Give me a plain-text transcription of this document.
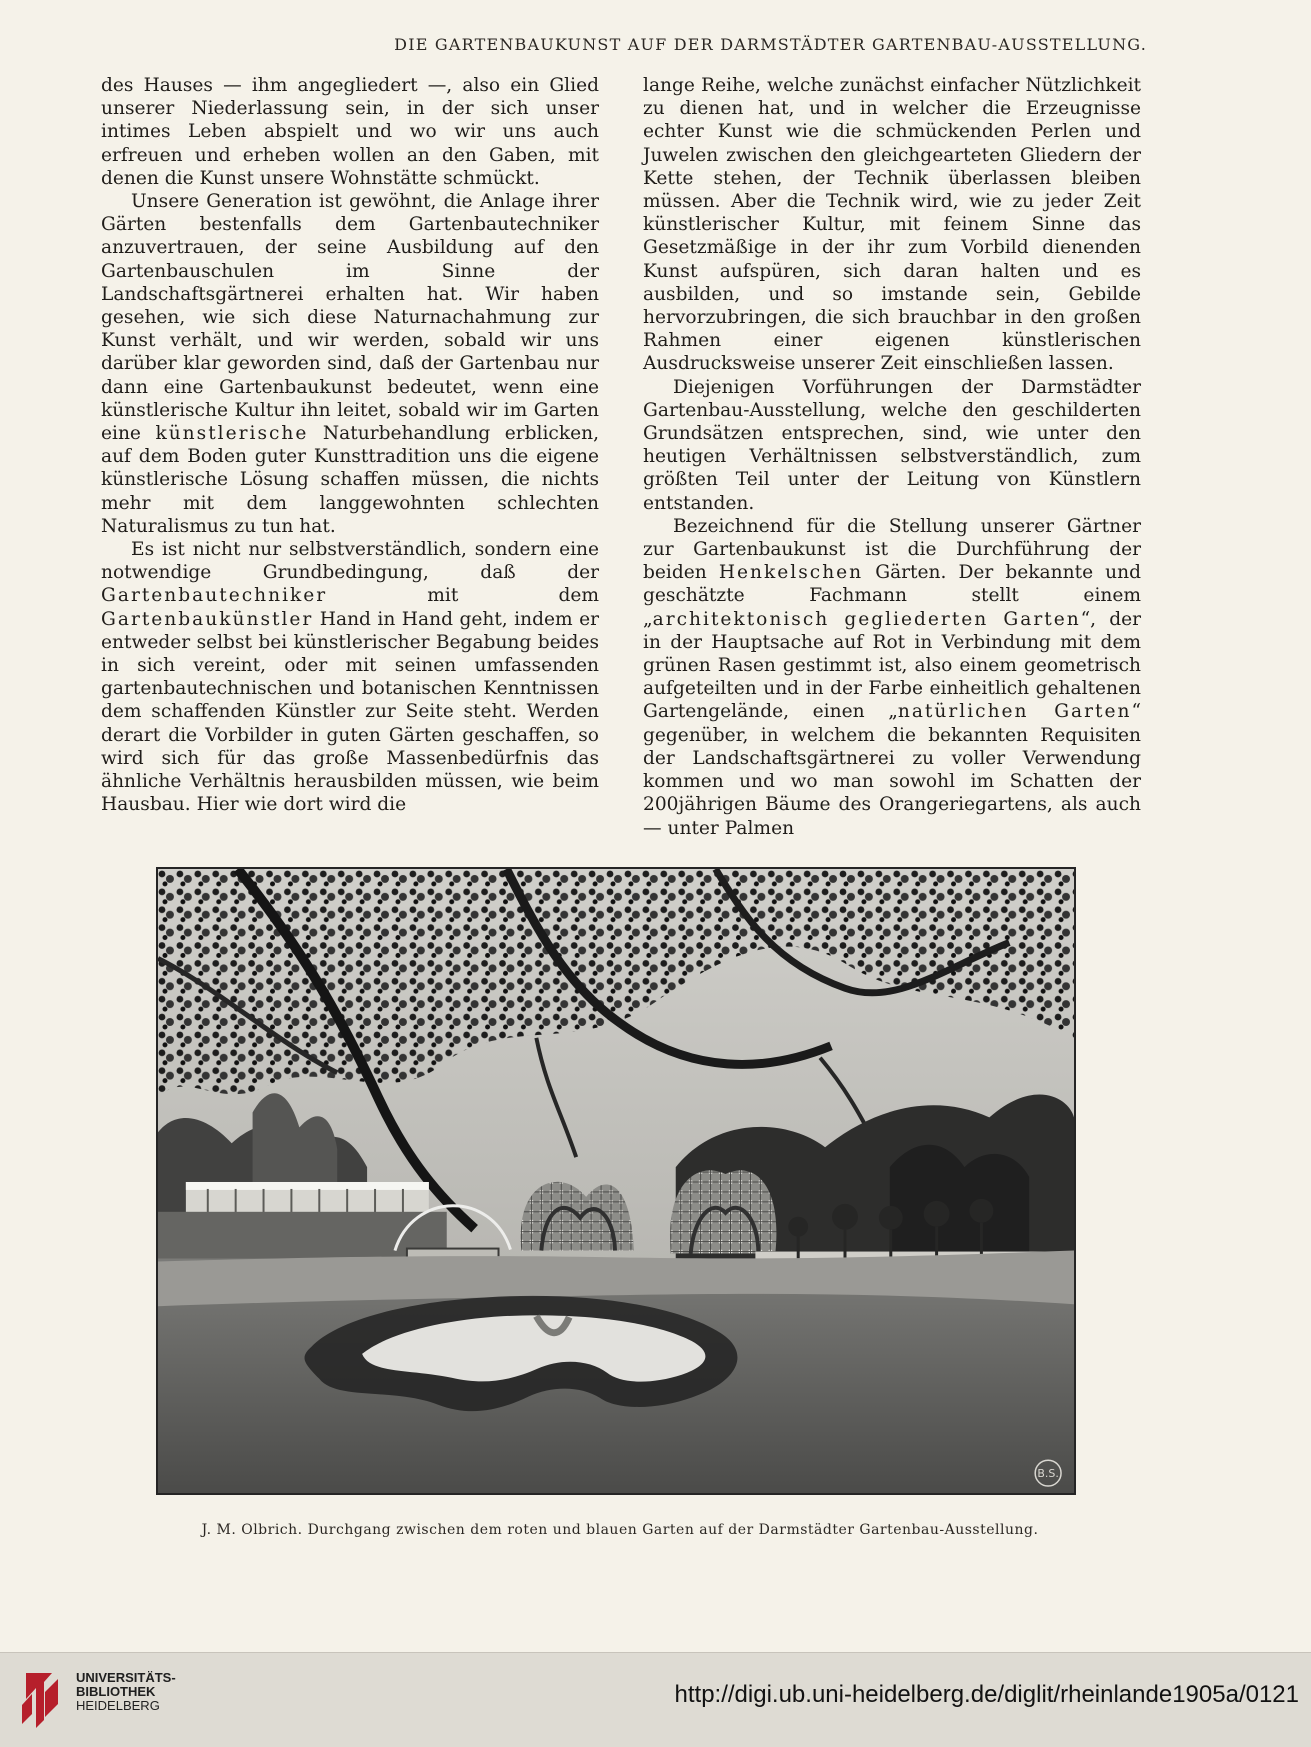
DIE GARTENBAUKUNST AUF DER DARMSTÄDTER GARTENBAU-AUSSTELLUNG.

des Hauses — ihm angegliedert —, also ein Glied unserer Niederlassung sein, in der sich unser intimes Leben abspielt und wo wir uns auch erfreuen und erheben wollen an den Gaben, mit denen die Kunst unsere Wohnstätte schmückt.

Unsere Generation ist gewöhnt, die Anlage ihrer Gärten bestenfalls dem Gartenbautechniker anzuvertrauen, der seine Ausbildung auf den Gartenbauschulen im Sinne der Landschaftsgärtnerei erhalten hat. Wir haben gesehen, wie sich diese Naturnachahmung zur Kunst verhält, und wir werden, sobald wir uns darüber klar geworden sind, daß der Gartenbau nur dann eine Gartenbaukunst bedeutet, wenn eine künstlerische Kultur ihn leitet, sobald wir im Garten eine künstlerische Naturbehandlung erblicken, auf dem Boden guter Kunsttradition uns die eigene künstlerische Lösung schaffen müssen, die nichts mehr mit dem langgewohnten schlechten Naturalismus zu tun hat.

Es ist nicht nur selbstverständlich, sondern eine notwendige Grundbedingung, daß der Gartenbautechniker mit dem Gartenbaukünstler Hand in Hand geht, indem er entweder selbst bei künstlerischer Begabung beides in sich vereint, oder mit seinen umfassenden gartenbautechnischen und botanischen Kenntnissen dem schaffenden Künstler zur Seite steht. Werden derart die Vorbilder in guten Gärten geschaffen, so wird sich für das große Massenbedürfnis das ähnliche Verhältnis herausbilden müssen, wie beim Hausbau. Hier wie dort wird die

lange Reihe, welche zunächst einfacher Nützlichkeit zu dienen hat, und in welcher die Erzeugnisse echter Kunst wie die schmückenden Perlen und Juwelen zwischen den gleichgearteten Gliedern der Kette stehen, der Technik überlassen bleiben müssen. Aber die Technik wird, wie zu jeder Zeit künstlerischer Kultur, mit feinem Sinne das Gesetzmäßige in der ihr zum Vorbild dienenden Kunst aufspüren, sich daran halten und es ausbilden, und so imstande sein, Gebilde hervorzubringen, die sich brauchbar in den großen Rahmen einer eigenen künstlerischen Ausdrucksweise unserer Zeit einschließen lassen.

Diejenigen Vorführungen der Darmstädter Gartenbau-Ausstellung, welche den geschilderten Grundsätzen entsprechen, sind, wie unter den heutigen Verhältnissen selbstverständlich, zum größten Teil unter der Leitung von Künstlern entstanden.

Bezeichnend für die Stellung unserer Gärtner zur Gartenbaukunst ist die Durchführung der beiden Henkelschen Gärten. Der bekannte und geschätzte Fachmann stellt einem „architektonisch gegliederten Garten“, der in der Hauptsache auf Rot in Verbindung mit dem grünen Rasen gestimmt ist, also einem geometrisch aufgeteilten und in der Farbe einheitlich gehaltenen Gartengelände, einen „natürlichen Garten“ gegenüber, in welchem die bekannten Requisiten der Landschaftsgärtnerei zu voller Verwendung kommen und wo man sowohl im Schatten der 200jährigen Bäume des Orangeriegartens, als auch — unter Palmen

B.S.
J. M. Olbrich. Durchgang zwischen dem roten und blauen Garten auf der Darmstädter Gartenbau-Ausstellung.
UNIVERSITÄTS-
BIBLIOTHEK
HEIDELBERG	http://digi.ub.uni-heidelberg.de/diglit/rheinlande1905a/0121
